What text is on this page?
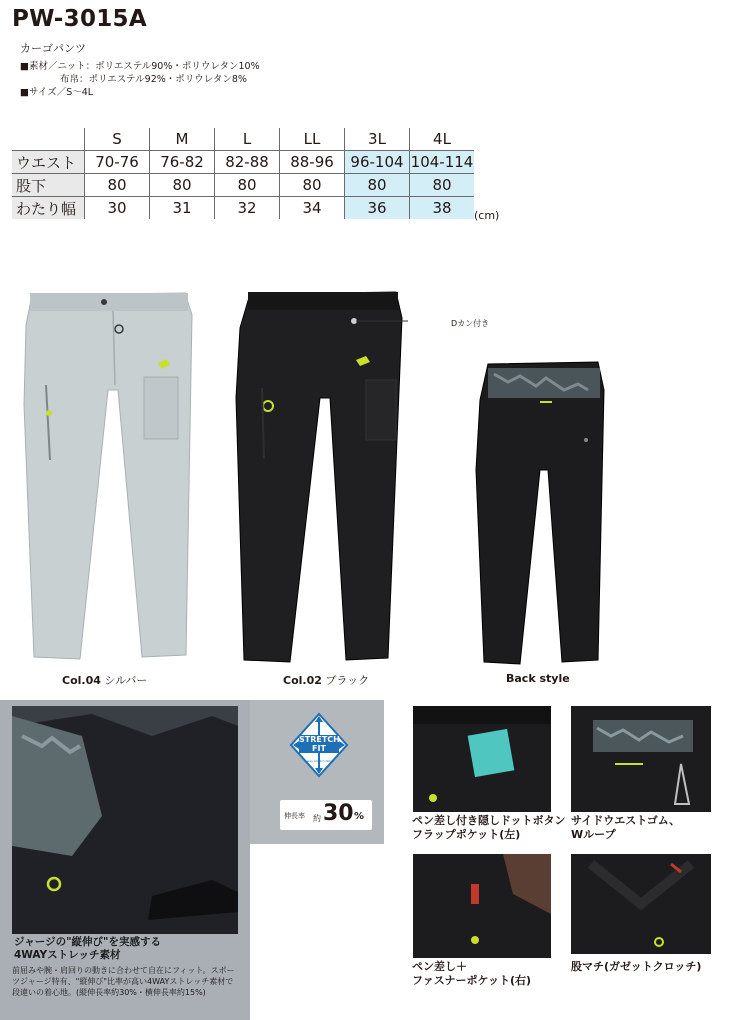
PW-3015A
カーゴパンツ
■素材／ニット：ポリエステル90%・ポリウレタン10%
布帛：ポリエステル92%・ポリウレタン8%
■サイズ／S〜4L
	S	M	L	LL	3L	4L
ウエスト	70-76	76-82	82-88	88-96	96-104	104-114
股下	80	80	80	80	80	80
わたり幅	30	31	32	34	36	38 (cm)
Col.04 シルバー	Col.02 ブラック	Back style
Dカン付き
ジャージの"縦伸び"を実感する
4WAYストレッチ素材
前屈みや腕・肩回りの動きに合わせて自在にフィット。スポーツジャージ特有、"縦伸び"比率が高い4WAYストレッチ素材で段違いの着心地。(縦伸長率約30%・横伸長率約15%)
STRETCH
FIT
4-way stretch fabric
伸長率 約 30 %	ペン差し付き隠しドットボタン
フラップポケット(左)
サイドウエストゴム、
Wループ
ペン差し＋
ファスナーポケット(右)
股マチ(ガゼットクロッチ)
